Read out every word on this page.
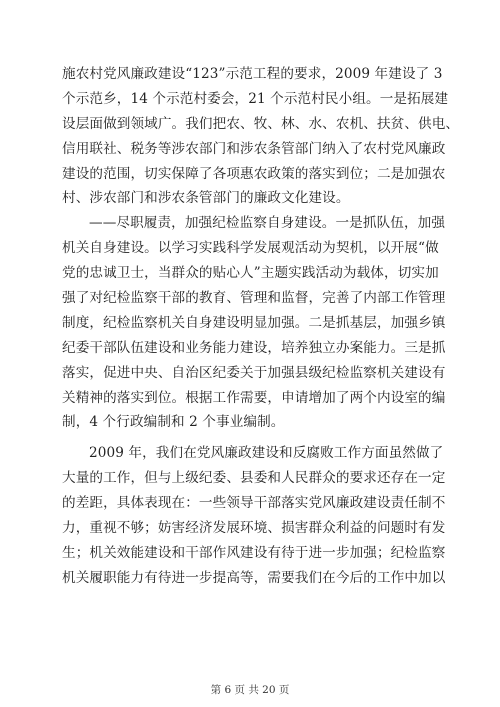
施农村党风廉政建设“123”示范工程的要求，2009 年建设了 3
个示范乡，14 个示范村委会，21 个示范村民小组。一是拓展建
设层面做到领域广。我们把农、牧、林、水、农机、扶贫、供电、
信用联社、税务等涉农部门和涉农条管部门纳入了农村党风廉政
建设的范围，切实保障了各项惠农政策的落实到位；二是加强农
村、涉农部门和涉农条管部门的廉政文化建设。
——尽职履责，加强纪检监察自身建设。一是抓队伍，加强
机关自身建设。以学习实践科学发展观活动为契机，以开展“做
党的忠诚卫士，当群众的贴心人”主题实践活动为载体，切实加
强了对纪检监察干部的教育、管理和监督，完善了内部工作管理
制度，纪检监察机关自身建设明显加强。二是抓基层，加强乡镇
纪委干部队伍建设和业务能力建设，培养独立办案能力。三是抓
落实，促进中央、自治区纪委关于加强县级纪检监察机关建设有
关精神的落实到位。根据工作需要，申请增加了两个内设室的编
制，4 个行政编制和 2 个事业编制。
2009 年，我们在党风廉政建设和反腐败工作方面虽然做了
大量的工作，但与上级纪委、县委和人民群众的要求还存在一定
的差距，具体表现在：一些领导干部落实党风廉政建设责任制不
力，重视不够；妨害经济发展环境、损害群众利益的问题时有发
生；机关效能建设和干部作风建设有待于进一步加强；纪检监察
机关履职能力有待进一步提高等，需要我们在今后的工作中加以
第 6 页 共 20 页
